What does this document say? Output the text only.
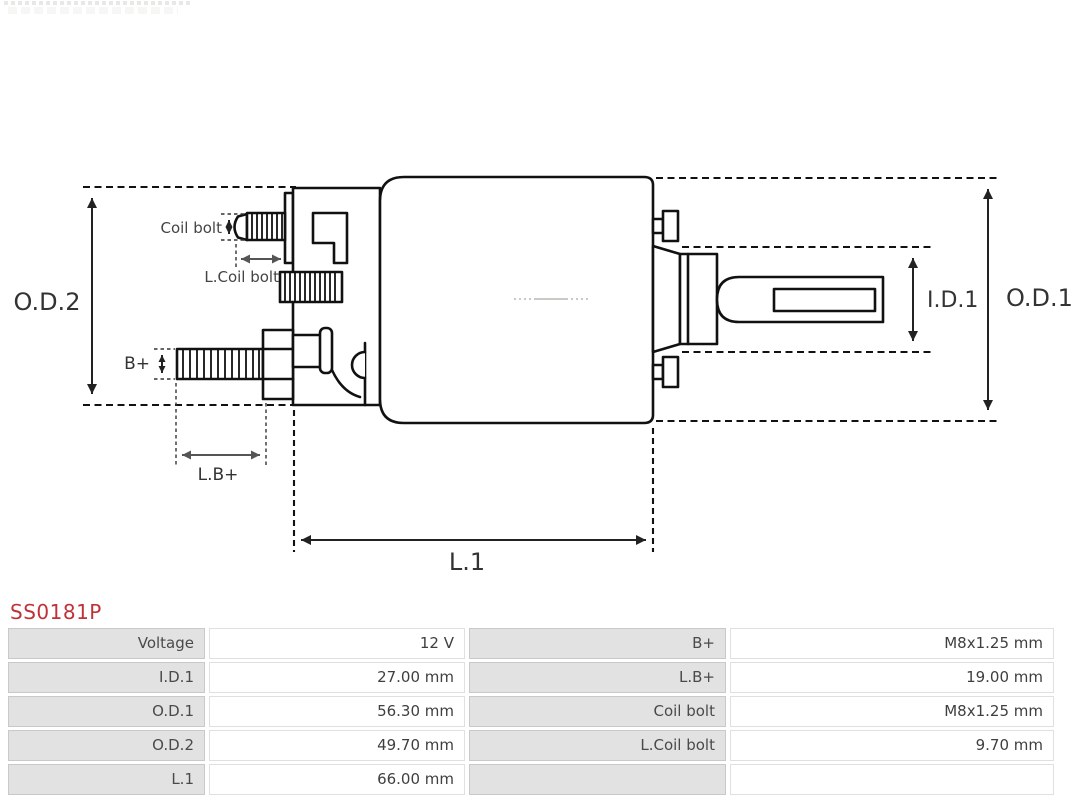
O.D.2	O.D.1
I.D.1
L.1
B+
L.B+
Coil bolt
L.Coil bolt
SS0181P
Voltage	12 V	B+	M8x1.25 mm
I.D.1	27.00 mm	L.B+	19.00 mm
O.D.1	56.30 mm	Coil bolt	M8x1.25 mm
O.D.2	49.70 mm	L.Coil bolt	9.70 mm
L.1	66.00 mm
